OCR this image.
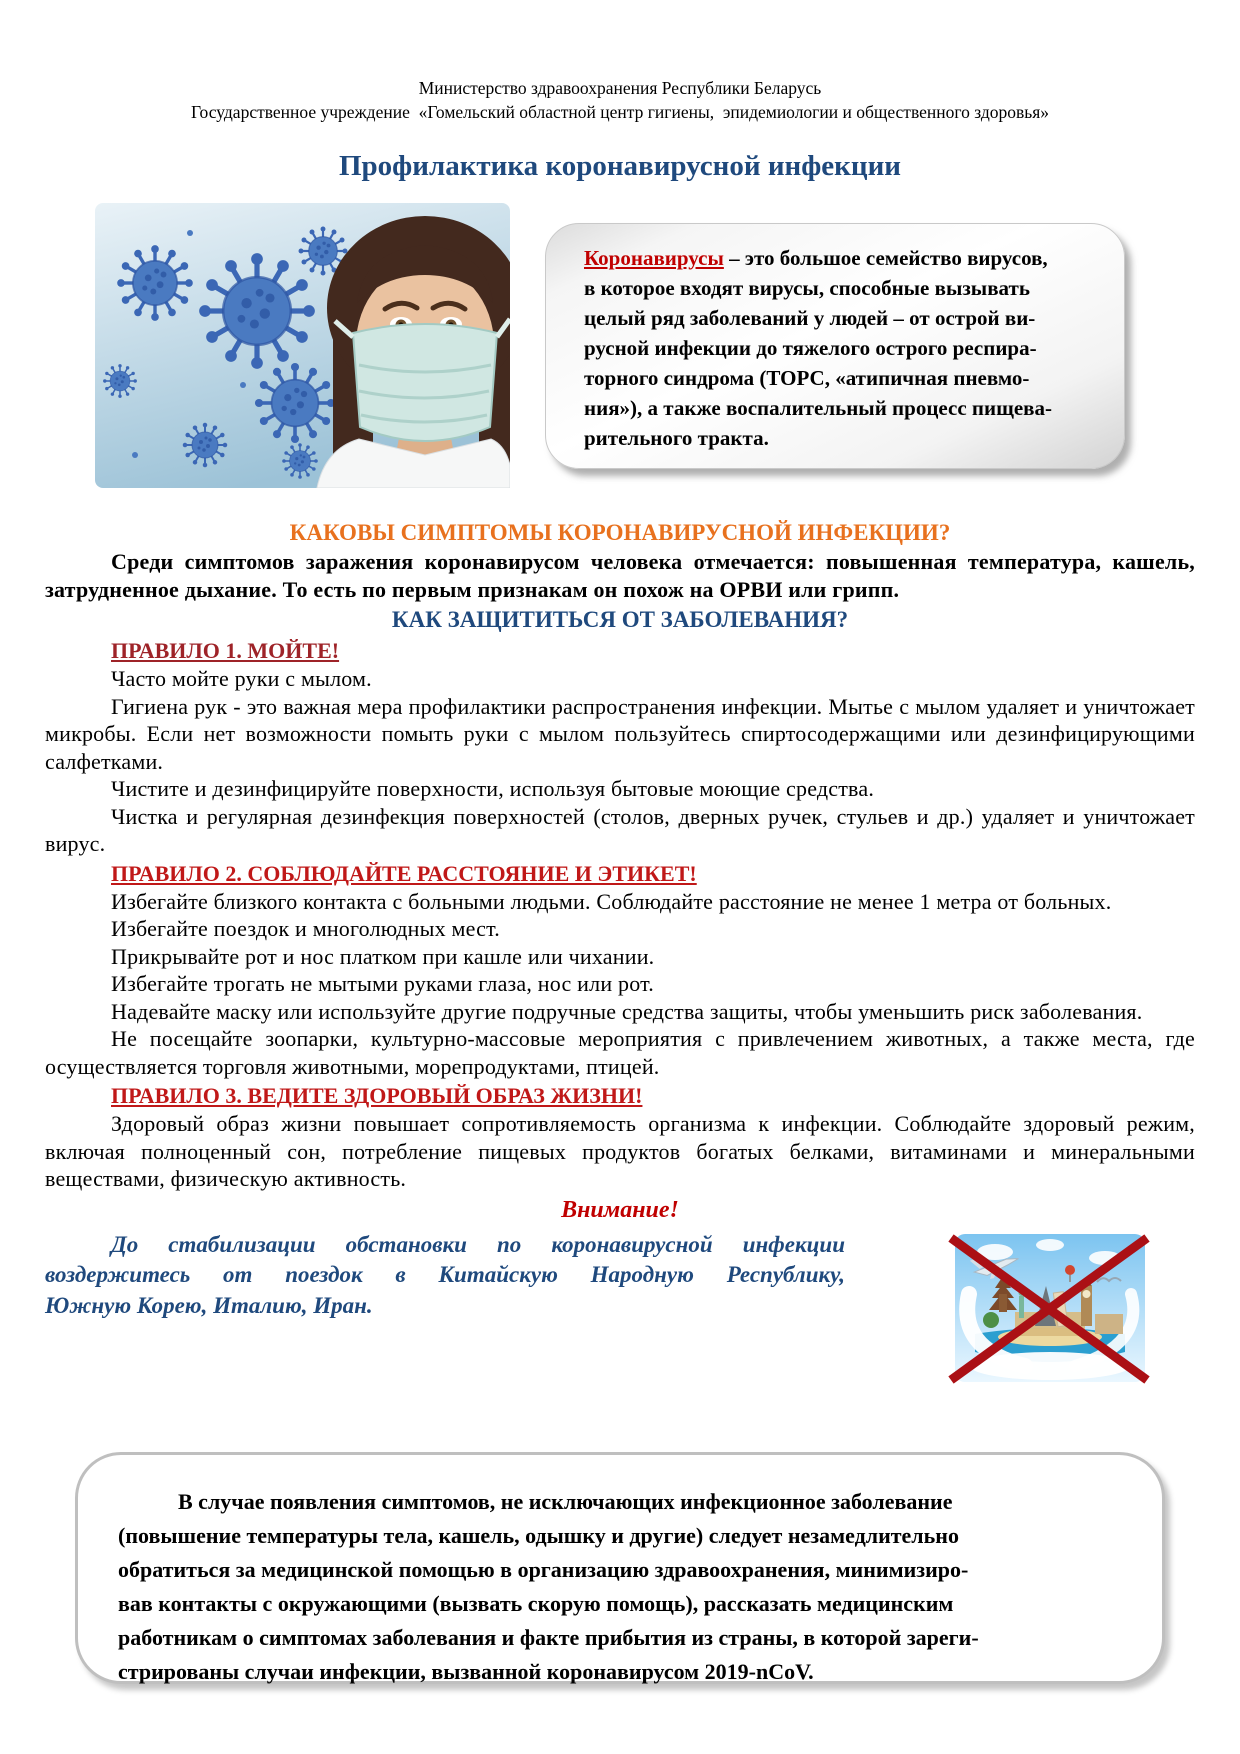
Министерство здравоохранения Республики Беларусь
Государственное учреждение  «Гомельский областной центр гигиены,  эпидемиологии и общественного здоровья»
Профилактика коронавирусной инфекции
Коронавирусы – это большое семейство вирусов,
в которое входят вирусы, способные вызывать
целый ряд заболеваний у людей – от острой ви-
русной инфекции до тяжелого острого респира-
торного синдрома (ТОРС, «атипичная пневмо-
ния»), а также воспалительный процесс пищева-
рительного тракта.
КАКОВЫ СИМПТОМЫ КОРОНАВИРУСНОЙ ИНФЕКЦИИ?
Среди симптомов заражения коронавирусом человека отмечается: повышенная температура, кашель, затрудненное дыхание. То есть по первым признакам он похож на ОРВИ или грипп.
КАК ЗАЩИТИТЬСЯ ОТ ЗАБОЛЕВАНИЯ?
ПРАВИЛО 1. МОЙТЕ!
Часто мойте руки с мылом.
Гигиена рук - это важная мера профилактики распространения инфекции. Мытье с мылом удаляет и уничтожает микробы. Если нет возможности помыть руки с мылом пользуйтесь спиртосодержащими или дезинфицирующими салфетками.
Чистите и дезинфицируйте поверхности, используя бытовые моющие средства.
Чистка и регулярная дезинфекция поверхностей (столов, дверных ручек, стульев и др.) удаляет и уничтожает вирус.
ПРАВИЛО 2. СОБЛЮДАЙТЕ РАССТОЯНИЕ И ЭТИКЕТ!
Избегайте близкого контакта с больными людьми. Соблюдайте расстояние не менее 1 метра от больных.
Избегайте поездок и многолюдных мест.
Прикрывайте рот и нос платком при кашле или чихании.
Избегайте трогать не мытыми руками глаза, нос или рот.
Надевайте маску или используйте другие подручные средства защиты, чтобы уменьшить риск заболевания.
Не посещайте зоопарки, культурно-массовые мероприятия с привлечением животных, а также места, где осуществляется торговля животными, морепродуктами, птицей.
ПРАВИЛО 3. ВЕДИТЕ ЗДОРОВЫЙ ОБРАЗ ЖИЗНИ!
Здоровый образ жизни повышает сопротивляемость организма к инфекции. Соблюдайте здоровый режим, включая полноценный сон, потребление пищевых продуктов богатых белками, витаминами и минеральными веществами, физическую активность.
Внимание!
До стабилизации обстановки по коронавирусной инфекции
воздержитесь от поездок в Китайскую Народную Республику,
Южную Корею, Италию, Иран.
В случае появления симптомов, не исключающих инфекционное заболевание
(повышение температуры тела, кашель, одышку и другие) следует незамедлительно
обратиться за медицинской помощью в организацию здравоохранения, минимизиро-
вав контакты с окружающими (вызвать скорую помощь), рассказать медицинским
работникам о симптомах заболевания и факте прибытия из страны, в которой зареги-
стрированы случаи инфекции, вызванной коронавирусом 2019-nCoV.
